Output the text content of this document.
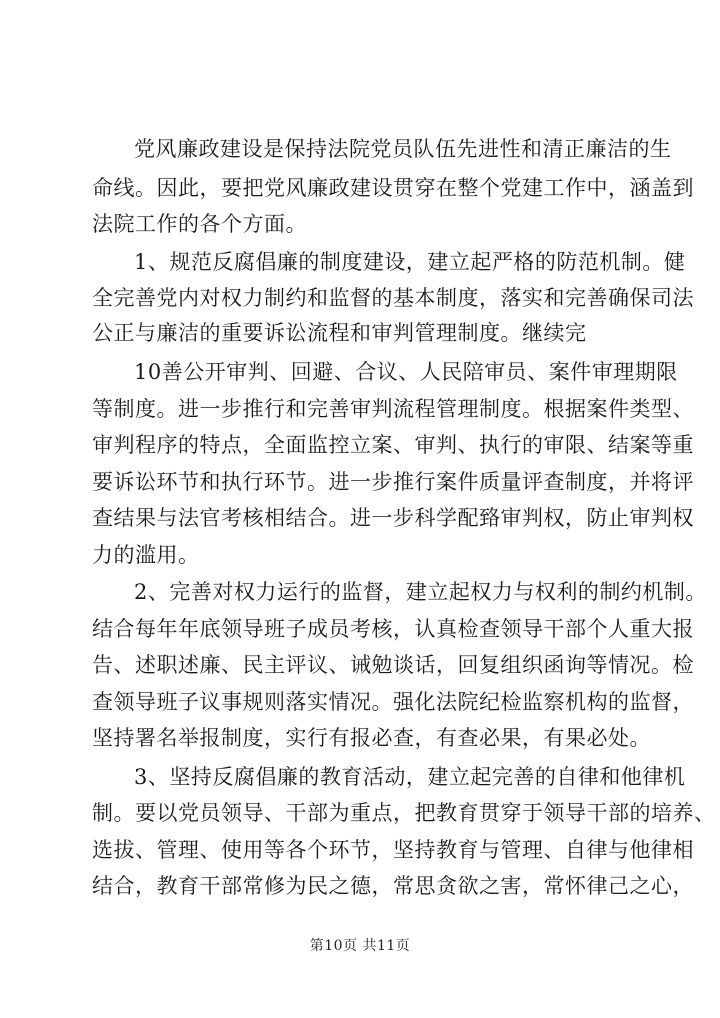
党风廉政建设是保持法院党员队伍先进性和清正廉洁的生
命线。因此，要把党风廉政建设贯穿在整个党建工作中，涵盖到
法院工作的各个方面。
1、规范反腐倡廉的制度建设，建立起严格的防范机制。健
全完善党内对权力制约和监督的基本制度，落实和完善确保司法
公正与廉洁的重要诉讼流程和审判管理制度。继续完
10善公开审判、回避、合议、人民陪审员、案件审理期限
等制度。进一步推行和完善审判流程管理制度。根据案件类型、
审判程序的特点，全面监控立案、审判、执行的审限、结案等重
要诉讼环节和执行环节。进一步推行案件质量评查制度，并将评
查结果与法官考核相结合。进一步科学配臵审判权，防止审判权
力的滥用。
2、完善对权力运行的监督，建立起权力与权利的制约机制。
结合每年年底领导班子成员考核，认真检查领导干部个人重大报
告、述职述廉、民主评议、诫勉谈话，回复组织函询等情况。检
查领导班子议事规则落实情况。强化法院纪检监察机构的监督，
坚持署名举报制度，实行有报必查，有查必果，有果必处。
3、坚持反腐倡廉的教育活动，建立起完善的自律和他律机
制。要以党员领导、干部为重点，把教育贯穿于领导干部的培养、
选拔、管理、使用等各个环节，坚持教育与管理、自律与他律相
结合，教育干部常修为民之德，常思贪欲之害，常怀律己之心，
第10页 共11页
